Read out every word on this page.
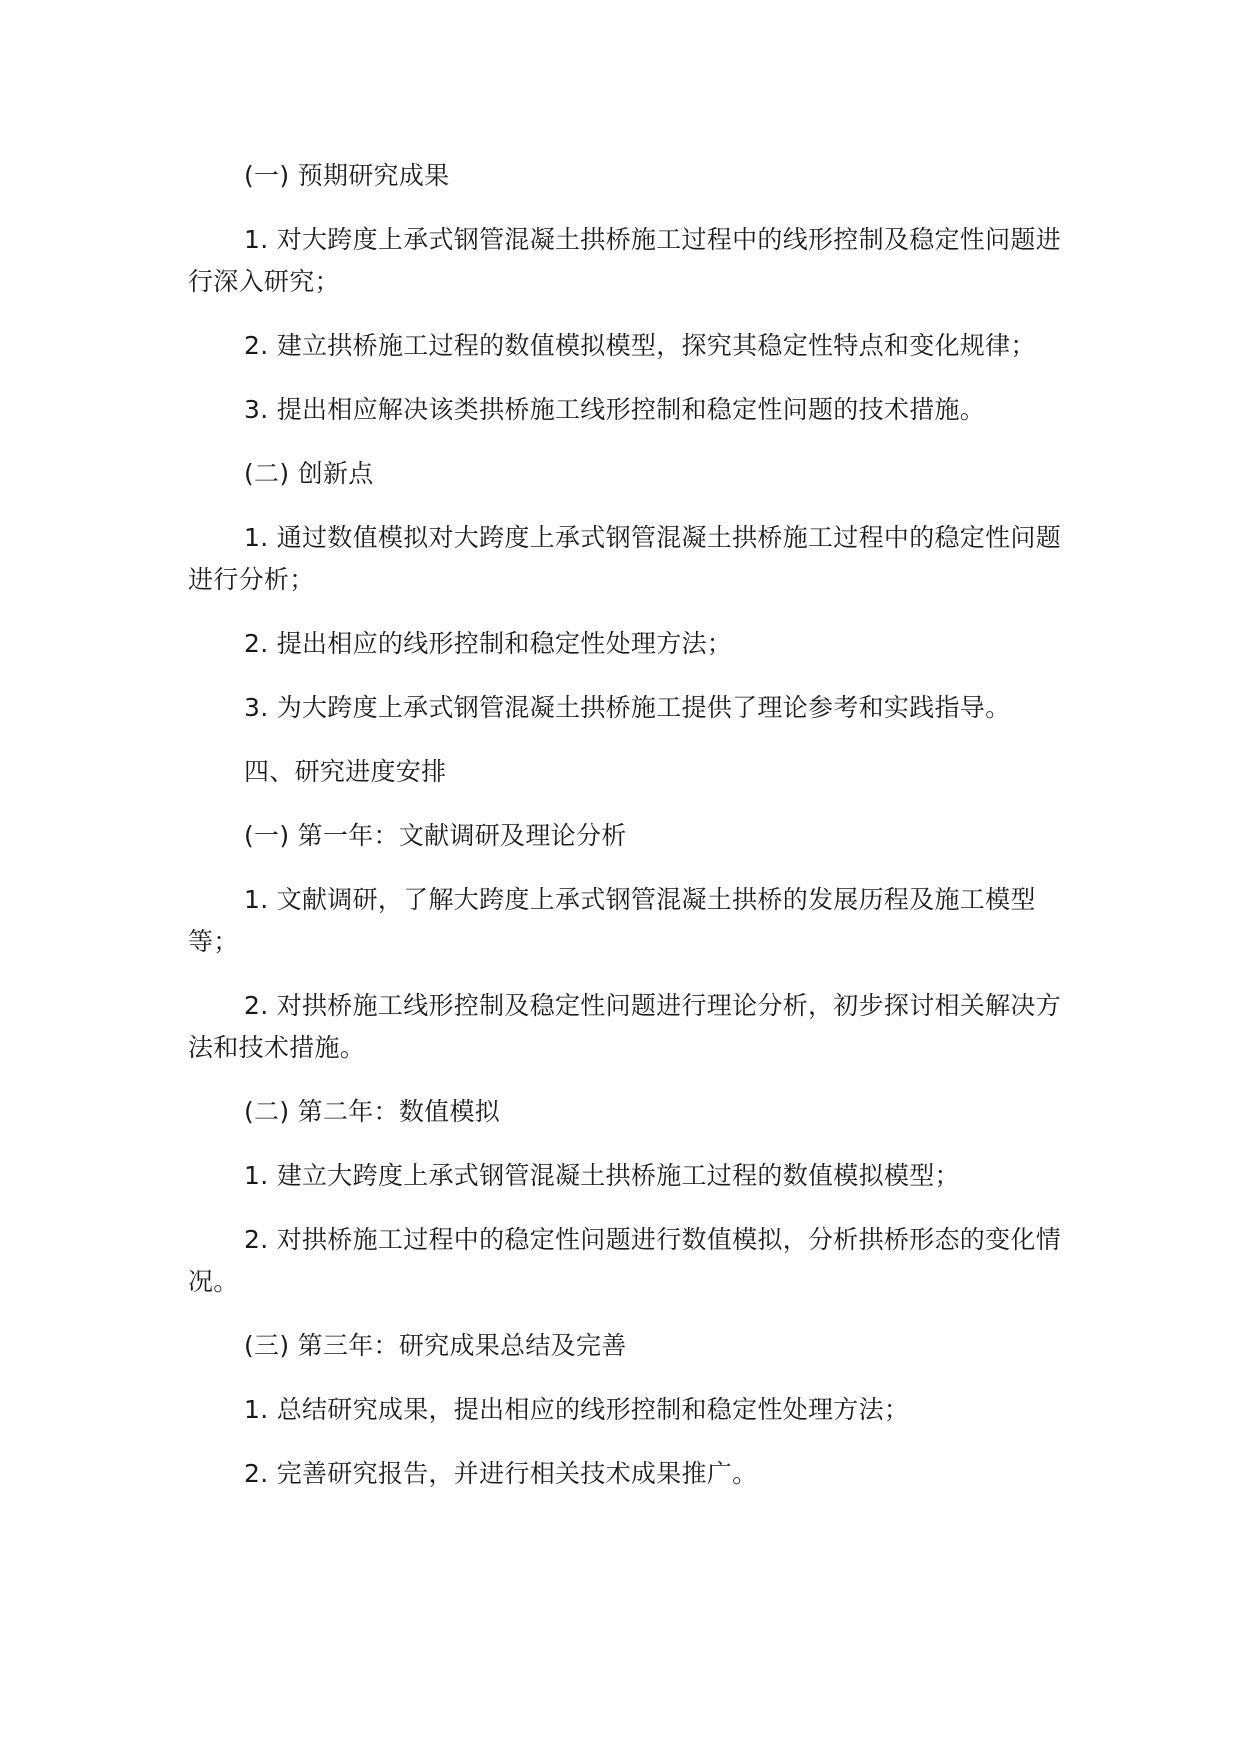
(一) 预期研究成果

1. 对大跨度上承式钢管混凝土拱桥施工过程中的线形控制及稳定性问题进行深入研究；

2. 建立拱桥施工过程的数值模拟模型，探究其稳定性特点和变化规律；

3. 提出相应解决该类拱桥施工线形控制和稳定性问题的技术措施。

(二) 创新点

1. 通过数值模拟对大跨度上承式钢管混凝土拱桥施工过程中的稳定性问题进行分析；

2. 提出相应的线形控制和稳定性处理方法；

3. 为大跨度上承式钢管混凝土拱桥施工提供了理论参考和实践指导。

四、研究进度安排

(一) 第一年：文献调研及理论分析

1. 文献调研，了解大跨度上承式钢管混凝土拱桥的发展历程及施工模型等；

2. 对拱桥施工线形控制及稳定性问题进行理论分析，初步探讨相关解决方法和技术措施。

(二) 第二年：数值模拟

1. 建立大跨度上承式钢管混凝土拱桥施工过程的数值模拟模型；

2. 对拱桥施工过程中的稳定性问题进行数值模拟，分析拱桥形态的变化情况。

(三) 第三年：研究成果总结及完善

1. 总结研究成果，提出相应的线形控制和稳定性处理方法；

2. 完善研究报告，并进行相关技术成果推广。
